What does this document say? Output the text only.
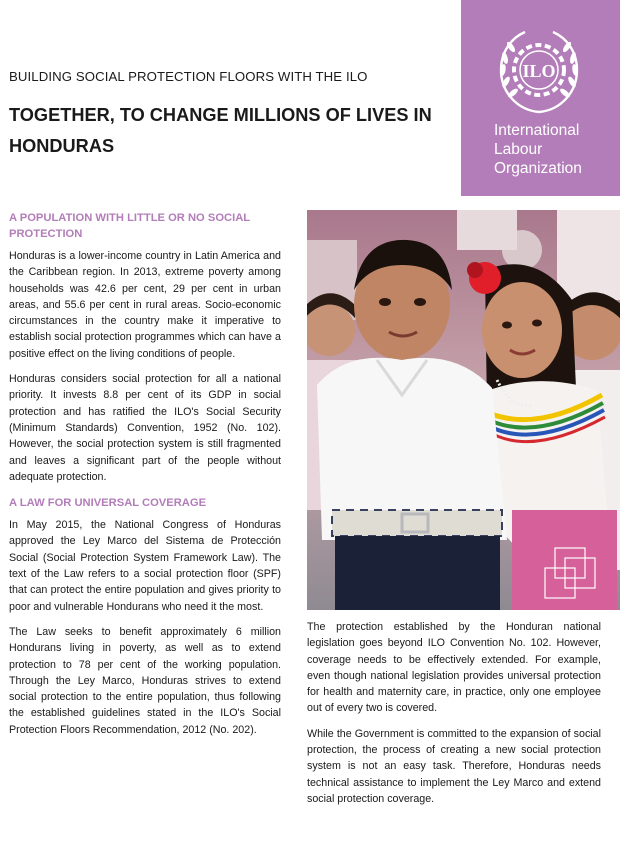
ILO
International
Labour
Organization
BUILDING SOCIAL PROTECTION FLOORS WITH THE ILO
TOGETHER, TO CHANGE MILLIONS OF LIVES IN HONDURAS
A POPULATION WITH LITTLE OR NO SOCIAL PROTECTION

Honduras is a lower-income country in Latin America and the Caribbean region. In 2013, extreme poverty among households was 42.6 per cent, 29 per cent in urban areas, and 55.6 per cent in rural areas. Socio-economic circumstances in the country make it imperative to establish social protection programmes which can have a positive effect on the living conditions of people.

Honduras considers social protection for all a national priority. It invests 8.8 per cent of its GDP in social protection and has ratified the ILO's Social Security (Minimum Standards) Convention, 1952 (No. 102). However, the social protection system is still fragmented and leaves a significant part of the people without adequate protection.

A LAW FOR UNIVERSAL COVERAGE

In May 2015, the National Congress of Honduras approved the Ley Marco del Sistema de Protección Social (Social Protection System Framework Law). The text of the Law refers to a social protection floor (SPF) that can protect the entire population and gives priority to poor and vulnerable Hondurans who need it the most.

The Law seeks to benefit approximately 6 million Hondurans living in poverty, as well as to extend protection to 78 per cent of the working population. Through the Ley Marco, Honduras strives to extend social protection to the entire population, thus following the established guidelines stated in the ILO's Social Protection Floors Recommendation, 2012 (No. 202).

The protection established by the Honduran national legislation goes beyond ILO Convention No. 102. However, coverage needs to be effectively extended. For example, even though national legislation provides universal protection for health and maternity care, in practice, only one employee out of every two is covered.

While the Government is committed to the expansion of social protection, the process of creating a new social protection system is not an easy task. Therefore, Honduras needs technical assistance to implement the Ley Marco and extend social protection coverage.
